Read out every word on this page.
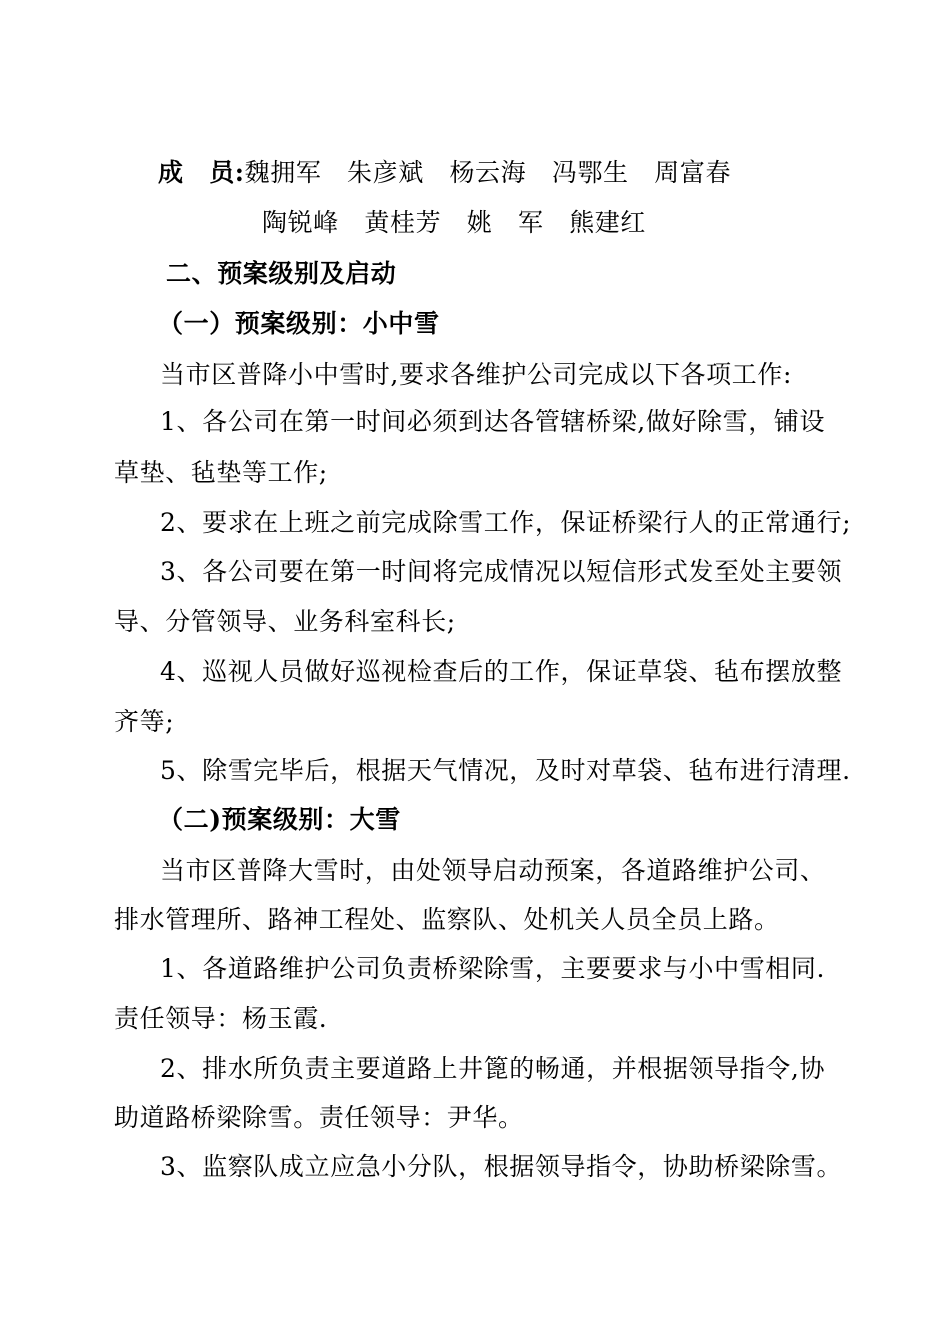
成　员:魏拥军　朱彦斌　杨云海　冯鄂生　周富春
陶锐峰　黄桂芳　姚　军　熊建红
二、预案级别及启动
（一）预案级别：小中雪
当市区普降小中雪时,要求各维护公司完成以下各项工作:
1、各公司在第一时间必须到达各管辖桥梁,做好除雪，铺设
草垫、毡垫等工作;
2、要求在上班之前完成除雪工作，保证桥梁行人的正常通行;
3、各公司要在第一时间将完成情况以短信形式发至处主要领
导、分管领导、业务科室科长;
4、巡视人员做好巡视检查后的工作，保证草袋、毡布摆放整
齐等;
5、除雪完毕后，根据天气情况，及时对草袋、毡布进行清理.
（二)预案级别：大雪
当市区普降大雪时，由处领导启动预案，各道路维护公司、
排水管理所、路神工程处、监察队、处机关人员全员上路。
1、各道路维护公司负责桥梁除雪，主要要求与小中雪相同.
责任领导：杨玉霞.
2、排水所负责主要道路上井篦的畅通，并根据领导指令,协
助道路桥梁除雪。责任领导：尹华。
3、监察队成立应急小分队，根据领导指令，协助桥梁除雪。
